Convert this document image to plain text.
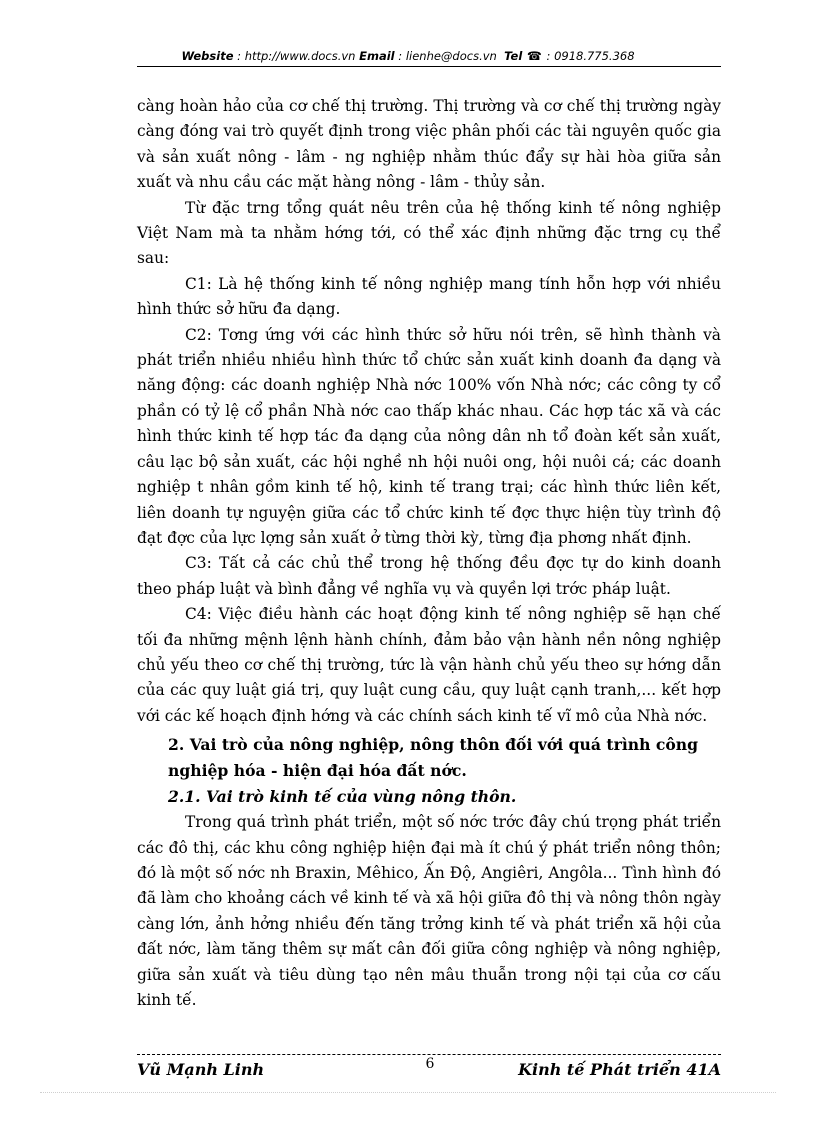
Website : http://www.docs.vn Email : lienhe@docs.vn Tel ☎ : 0918.775.368

càng hoàn hảo của cơ chế thị trường. Thị trường và cơ chế thị trường ngày càng đóng vai trò quyết định trong việc phân phối các tài nguyên quốc gia và sản xuất nông - lâm - ng nghiệp nhằm thúc đẩy sự hài hòa giữa sản xuất và nhu cầu các mặt hàng nông - lâm - thủy sản.

Từ đặc trng tổng quát nêu trên của hệ thống kinh tế nông nghiệp Việt Nam mà ta nhằm hớng tới, có thể xác định những đặc trng cụ thể sau:

C1: Là hệ thống kinh tế nông nghiệp mang tính hỗn hợp với nhiều hình thức sở hữu đa dạng.

C2: Tơng ứng với các hình thức sở hữu nói trên, sẽ hình thành và phát triển nhiều nhiều hình thức tổ chức sản xuất kinh doanh đa dạng và năng động: các doanh nghiệp Nhà nớc 100% vốn Nhà nớc; các công ty cổ phần có tỷ lệ cổ phần Nhà nớc cao thấp khác nhau. Các hợp tác xã và các hình thức kinh tế hợp tác đa dạng của nông dân nh tổ đoàn kết sản xuất, câu lạc bộ sản xuất, các hội nghề nh hội nuôi ong, hội nuôi cá; các doanh nghiệp t nhân gồm kinh tế hộ, kinh tế trang trại; các hình thức liên kết, liên doanh tự nguyện giữa các tổ chức kinh tế đợc thực hiện tùy trình độ đạt đợc của lực lợng sản xuất ở từng thời kỳ, từng địa phơng nhất định.

C3: Tất cả các chủ thể trong hệ thống đều đợc tự do kinh doanh theo pháp luật và bình đẳng về nghĩa vụ và quyền lợi trớc pháp luật.

C4: Việc điều hành các hoạt động kinh tế nông nghiệp sẽ hạn chế tối đa những mệnh lệnh hành chính, đảm bảo vận hành nền nông nghiệp chủ yếu theo cơ chế thị trường, tức là vận hành chủ yếu theo sự hớng dẫn của các quy luật giá trị, quy luật cung cầu, quy luật cạnh tranh,... kết hợp với các kế hoạch định hớng và các chính sách kinh tế vĩ mô của Nhà nớc.

2. Vai trò của nông nghiệp, nông thôn đối với quá trình công nghiệp hóa - hiện đại hóa đất nớc.

2.1. Vai trò kinh tế của vùng nông thôn.

Trong quá trình phát triển, một số nớc trớc đây chú trọng phát triển các đô thị, các khu công nghiệp hiện đại mà ít chú ý phát triển nông thôn; đó là một số nớc nh Braxin, Mêhico, Ấn Độ, Angiêri, Angôla... Tình hình đó đã làm cho khoảng cách về kinh tế và xã hội giữa đô thị và nông thôn ngày càng lớn, ảnh hởng nhiều đến tăng trởng kinh tế và phát triển xã hội của đất nớc, làm tăng thêm sự mất cân đối giữa công nghiệp và nông nghiệp, giữa sản xuất và tiêu dùng tạo nên mâu thuẫn trong nội tại của cơ cấu kinh tế.

Vũ Mạnh Linh	6	Kinh tế Phát triển 41A
